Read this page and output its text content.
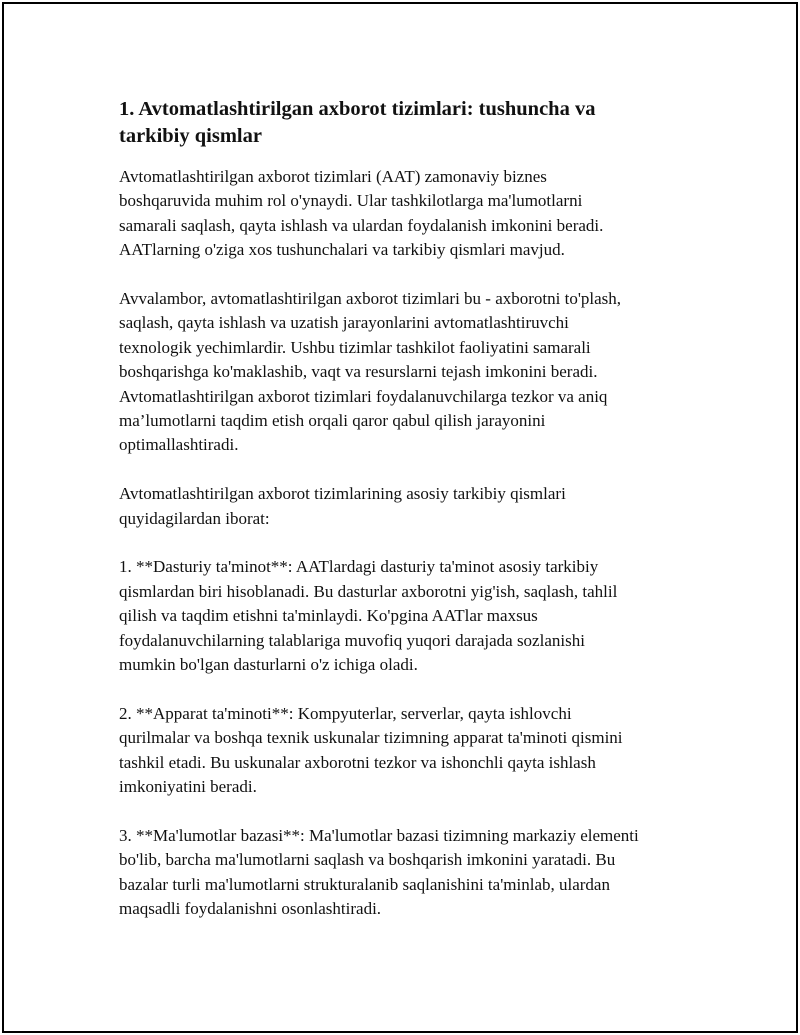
1. Avtomatlashtirilgan axborot tizimlari: tushuncha va
tarkibiy qismlar

Avtomatlashtirilgan axborot tizimlari (AAT) zamonaviy biznes
boshqaruvida muhim rol o'ynaydi. Ular tashkilotlarga ma'lumotlarni
samarali saqlash, qayta ishlash va ulardan foydalanish imkonini beradi.
AATlarning o'ziga xos tushunchalari va tarkibiy qismlari mavjud.

Avvalambor, avtomatlashtirilgan axborot tizimlari bu - axborotni to'plash,
saqlash, qayta ishlash va uzatish jarayonlarini avtomatlashtiruvchi
texnologik yechimlardir. Ushbu tizimlar tashkilot faoliyatini samarali
boshqarishga ko'maklashib, vaqt va resurslarni tejash imkonini beradi.
Avtomatlashtirilgan axborot tizimlari foydalanuvchilarga tezkor va aniq
ma’lumotlarni taqdim etish orqali qaror qabul qilish jarayonini
optimallashtiradi.

Avtomatlashtirilgan axborot tizimlarining asosiy tarkibiy qismlari
quyidagilardan iborat:

1. **Dasturiy ta'minot**: AATlardagi dasturiy ta'minot asosiy tarkibiy
qismlardan biri hisoblanadi. Bu dasturlar axborotni yig'ish, saqlash, tahlil
qilish va taqdim etishni ta'minlaydi. Ko'pgina AATlar maxsus
foydalanuvchilarning talablariga muvofiq yuqori darajada sozlanishi
mumkin bo'lgan dasturlarni o'z ichiga oladi.

2. **Apparat ta'minoti**: Kompyuterlar, serverlar, qayta ishlovchi
qurilmalar va boshqa texnik uskunalar tizimning apparat ta'minoti qismini
tashkil etadi. Bu uskunalar axborotni tezkor va ishonchli qayta ishlash
imkoniyatini beradi.

3. **Ma'lumotlar bazasi**: Ma'lumotlar bazasi tizimning markaziy elementi
bo'lib, barcha ma'lumotlarni saqlash va boshqarish imkonini yaratadi. Bu
bazalar turli ma'lumotlarni strukturalanib saqlanishini ta'minlab, ulardan
maqsadli foydalanishni osonlashtiradi.
